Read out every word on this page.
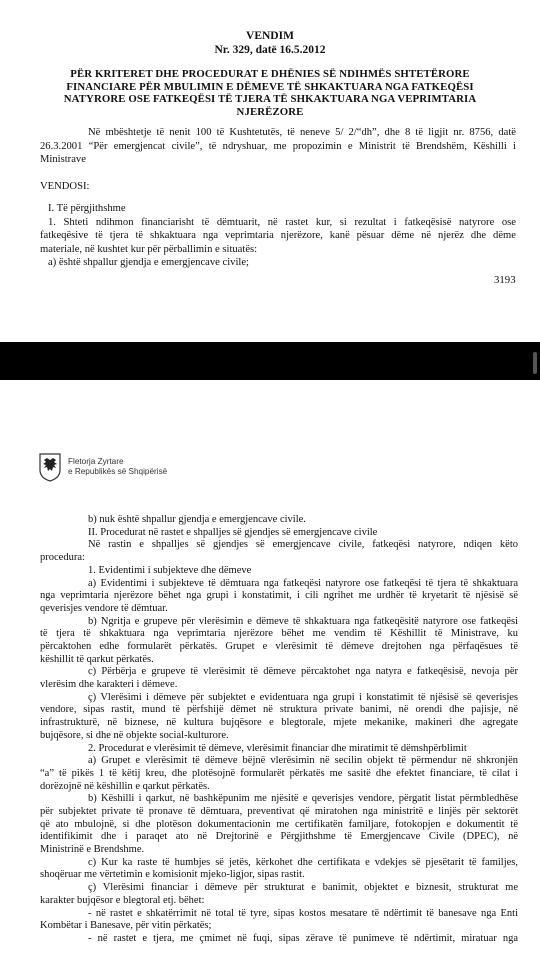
VENDIM
Nr. 329, datë 16.5.2012
PËR KRITERET DHE PROCEDURAT E DHËNIES SË NDIHMËS SHTETËRORE FINANCIARE PËR MBULIMIN E DËMEVE TË SHKAKTUARA NGA FATKEQËSI NATYRORE OSE FATKEQËSI TË TJERA TË SHKAKTUARA NGA VEPRIMTARIA NJERËZORE
Në mbështetje të nenit 100 të Kushtetutës, të neneve 5/ 2/“dh”, dhe 8 të ligjit nr. 8756, datë
26.3.2001 “Për emergjencat civile”, të ndryshuar, me propozimin e Ministrit të Brendshëm, Këshilli i
Ministrave
VENDOSI:
I. Të përgjithshme
1. Shteti ndihmon financiarisht të dëmtuarit, në rastet kur, si rezultat i fatkeqësisë natyrore ose
fatkeqësive të tjera të shkaktuara nga veprimtaria njerëzore, kanë pësuar dëme në njerëz dhe dëme
materiale, në kushtet kur për përballimin e situatës:
a) është shpallur gjendja e emergjencave civile;
3193
Fletorja Zyrtare
e Republikës së Shqipërisë
b) nuk është shpallur gjendja e emergjencave civile.
II. Procedurat në rastet e shpalljes së gjendjes së emergjencave civile
Në rastin e shpalljes së gjendjes së emergjencave civile, fatkeqësi natyrore, ndiqen këto
procedura:
1. Evidentimi i subjekteve dhe dëmeve
a) Evidentimi i subjekteve të dëmtuara nga fatkeqësi natyrore ose fatkeqësi të tjera të shkaktuara
nga veprimtaria njerëzore bëhet nga grupi i konstatimit, i cili ngrihet me urdhër të kryetarit të njësisë së
qeverisjes vendore të dëmtuar.
b) Ngritja e grupeve për vlerësimin e dëmeve të shkaktuara nga fatkeqësitë natyrore ose fatkeqësi
të tjera të shkaktuara nga veprimtaria njerëzore bëhet me vendim të Këshillit të Ministrave, ku
përcaktohen edhe formularët përkatës. Grupet e vlerësimit të dëmeve drejtohen nga përfaqësues të
këshillit të qarkut përkatës.
c) Përbërja e grupeve të vlerësimit të dëmeve përcaktohet nga natyra e fatkeqësisë, nevoja për
vlerësim dhe karakteri i dëmeve.
ç) Vlerësimi i dëmeve për subjektet e evidentuara nga grupi i konstatimit të njësisë së qeverisjes
vendore, sipas rastit, mund të përfshijë dëmet në struktura private banimi, në orendi dhe pajisje, në
infrastrukturë, në biznese, në kultura bujqësore e blegtorale, mjete mekanike, makineri dhe agregate
bujqësore, si dhe në objekte social-kulturore.
2. Procedurat e vlerësimit të dëmeve, vlerësimit financiar dhe miratimit të dëmshpërblimit
a) Grupet e vlerësimit të dëmeve bëjnë vlerësimin në secilin objekt të përmendur në shkronjën
“a” të pikës 1 të këtij kreu, dhe plotësojnë formularët përkatës me sasitë dhe efektet financiare, të cilat i
dorëzojnë në këshillin e qarkut përkatës.
b) Këshilli i qarkut, në bashkëpunim me njësitë e qeverisjes vendore, përgatit listat përmbledhëse
për subjektet private të pronave të dëmtuara, preventivat që miratohen nga ministritë e linjës për sektorët
që ato mbulojnë, si dhe plotëson dokumentacionin me certifikatën familjare, fotokopjen e dokumentit të
identifikimit dhe i paraqet ato në Drejtorinë e Përgjithshme të Emergjencave Civile (DPEC), në
Ministrinë e Brendshme.
c) Kur ka raste të humbjes së jetës, kërkohet dhe certifikata e vdekjes së pjesëtarit të familjes,
shoqëruar me vërtetimin e komisionit mjeko-ligjor, sipas rastit.
ç) Vlerësimi financiar i dëmeve për strukturat e banimit, objektet e biznesit, strukturat me
karakter bujqësor e blegtoral etj. bëhet:
- në rastet e shkatërrimit në total të tyre, sipas kostos mesatare të ndërtimit të banesave nga Enti
Kombëtar i Banesave, për vitin përkatës;
- në rastet e tjera, me çmimet në fuqi, sipas zërave të punimeve të ndërtimit, miratuar nga
